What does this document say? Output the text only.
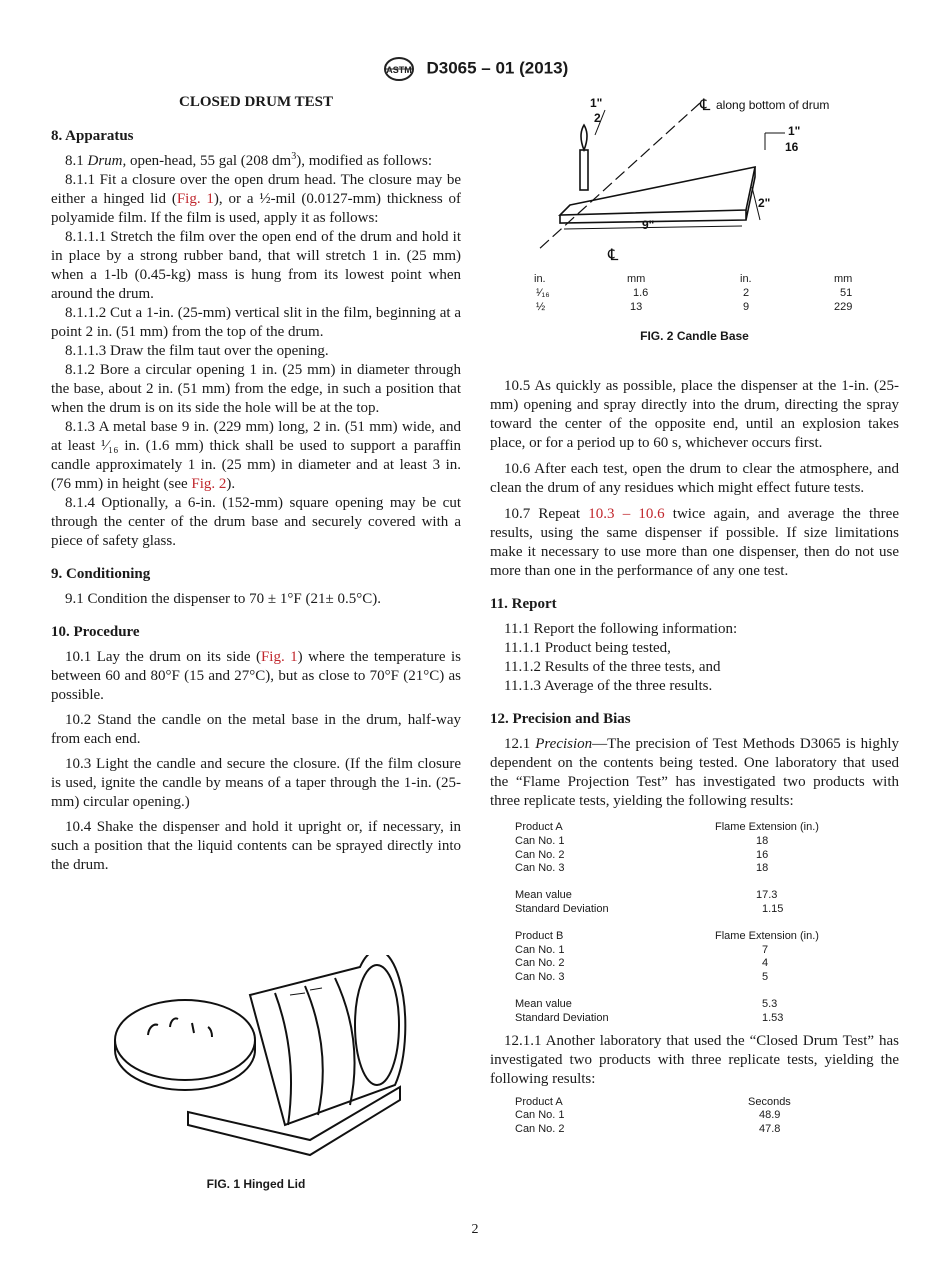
ASTM D3065 – 01 (2013)
CLOSED DRUM TEST
8. Apparatus

8.1 Drum, open-head, 55 gal (208 $dm^3$), modified as follows:

8.1.1 Fit a closure over the open drum head. The closure may be either a hinged lid (Fig. 1), or a ½-mil (0.0127-mm) thickness of polyamide film. If the film is used, apply it as follows:

8.1.1.1 Stretch the film over the open end of the drum and hold it in place by a strong rubber band, that will stretch 1 in. (25 mm) when a 1-lb (0.45-kg) mass is hung from its lowest point when around the drum.

8.1.1.2 Cut a 1-in. (25-mm) vertical slit in the film, beginning at a point 2 in. (51 mm) from the top of the drum.

8.1.1.3 Draw the film taut over the opening.

8.1.2 Bore a circular opening 1 in. (25 mm) in diameter through the base, about 2 in. (51 mm) from the edge, in such a position that when the drum is on its side the hole will be at the top.

8.1.3 A metal base 9 in. (229 mm) long, 2 in. (51 mm) wide, and at least ¹⁄₁₆ in. (1.6 mm) thick shall be used to support a paraffin candle approximately 1 in. (25 mm) in diameter and at least 3 in. (76 mm) in height (see Fig. 2).

8.1.4 Optionally, a 6-in. (152-mm) square opening may be cut through the center of the drum base and securely covered with a piece of safety glass.

9. Conditioning

9.1 Condition the dispenser to 70 ± 1°F (21± 0.5°C).

10. Procedure

10.1 Lay the drum on its side (Fig. 1) where the temperature is between 60 and 80°F (15 and 27°C), but as close to 70°F (21°C) as possible.

10.2 Stand the candle on the metal base in the drum, half-way from each end.

10.3 Light the candle and secure the closure. (If the film closure is used, ignite the candle by means of a taper through the 1-in. (25-mm) circular opening.)

10.4 Shake the dispenser and hold it upright or, if necessary, in such a position that the liquid contents can be sprayed directly into the drum.

FIG. 1 Hinged Lid
1"
2
℄ along bottom of drum
1"
16
9"
2"
℄
in.	mm	in.	mm
¹⁄₁₆	1.6	2	51
½	13	9	229
FIG. 2 Candle Base

10.5 As quickly as possible, place the dispenser at the 1-in. (25-mm) opening and spray directly into the drum, directing the spray toward the center of the opposite end, until an explosion takes place, or for a period up to 60 s, whichever occurs first.

10.6 After each test, open the drum to clear the atmosphere, and clean the drum of any residues which might effect future tests.

10.7 Repeat 10.3 – 10.6 twice again, and average the three results, using the same dispenser if possible. If size limitations make it necessary to use more than one dispenser, then do not use more than one in the performance of any one test.

11. Report

11.1 Report the following information:

11.1.1 Product being tested,

11.1.2 Results of the three tests, and

11.1.3 Average of the three results.

12. Precision and Bias

12.1 Precision—The precision of Test Methods D3065 is highly dependent on the contents being tested. One laboratory that used the “Flame Projection Test” has investigated two products with three replicate tests, yielding the following results:

Product A	Flame Extension (in.)
Can No. 1	18
Can No. 2	16
Can No. 3	18
Mean value	17.3
Standard Deviation	1.15
Product B	Flame Extension (in.)
Can No. 1	7
Can No. 2	4
Can No. 3	5
Mean value	5.3
Standard Deviation	1.53

12.1.1 Another laboratory that used the “Closed Drum Test” has investigated two products with three replicate tests, yielding the following results:

Product A	Seconds
Can No. 1	48.9
Can No. 2	47.8
2
